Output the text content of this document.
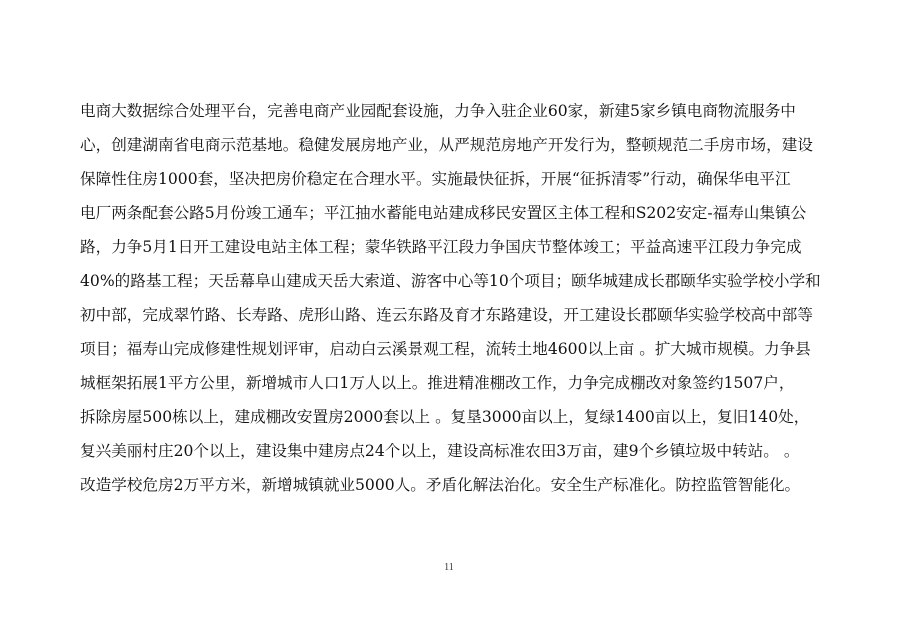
电商大数据综合处理平台，完善电商产业园配套设施，力争入驻企业60家，新建5家乡镇电商物流服务中
心，创建湖南省电商示范基地。稳健发展房地产业，从严规范房地产开发行为，整顿规范二手房市场，建设
保障性住房1000套，坚决把房价稳定在合理水平。实施最快征拆，开展“征拆清零”行动，确保华电平江
电厂两条配套公路5月份竣工通车；平江抽水蓄能电站建成移民安置区主体工程和S202安定-福寿山集镇公
路，力争5月1日开工建设电站主体工程；蒙华铁路平江段力争国庆节整体竣工；平益高速平江段力争完成
40%的路基工程；天岳幕阜山建成天岳大索道、游客中心等10个项目；颐华城建成长郡颐华实验学校小学和
初中部，完成翠竹路、长寿路、虎形山路、连云东路及育才东路建设，开工建设长郡颐华实验学校高中部等
项目；福寿山完成修建性规划评审，启动白云溪景观工程，流转土地4600以上亩 。扩大城市规模。力争县
城框架拓展1平方公里，新增城市人口1万人以上。推进精准棚改工作，力争完成棚改对象签约1507户，
拆除房屋500栋以上，建成棚改安置房2000套以上 。复垦3000亩以上，复绿1400亩以上，复旧140处，
复兴美丽村庄20个以上，建设集中建房点24个以上，建设高标准农田3万亩，建9个乡镇垃圾中转站。 。
改造学校危房2万平方米，新增城镇就业5000人。矛盾化解法治化。安全生产标准化。防控监管智能化。
11
